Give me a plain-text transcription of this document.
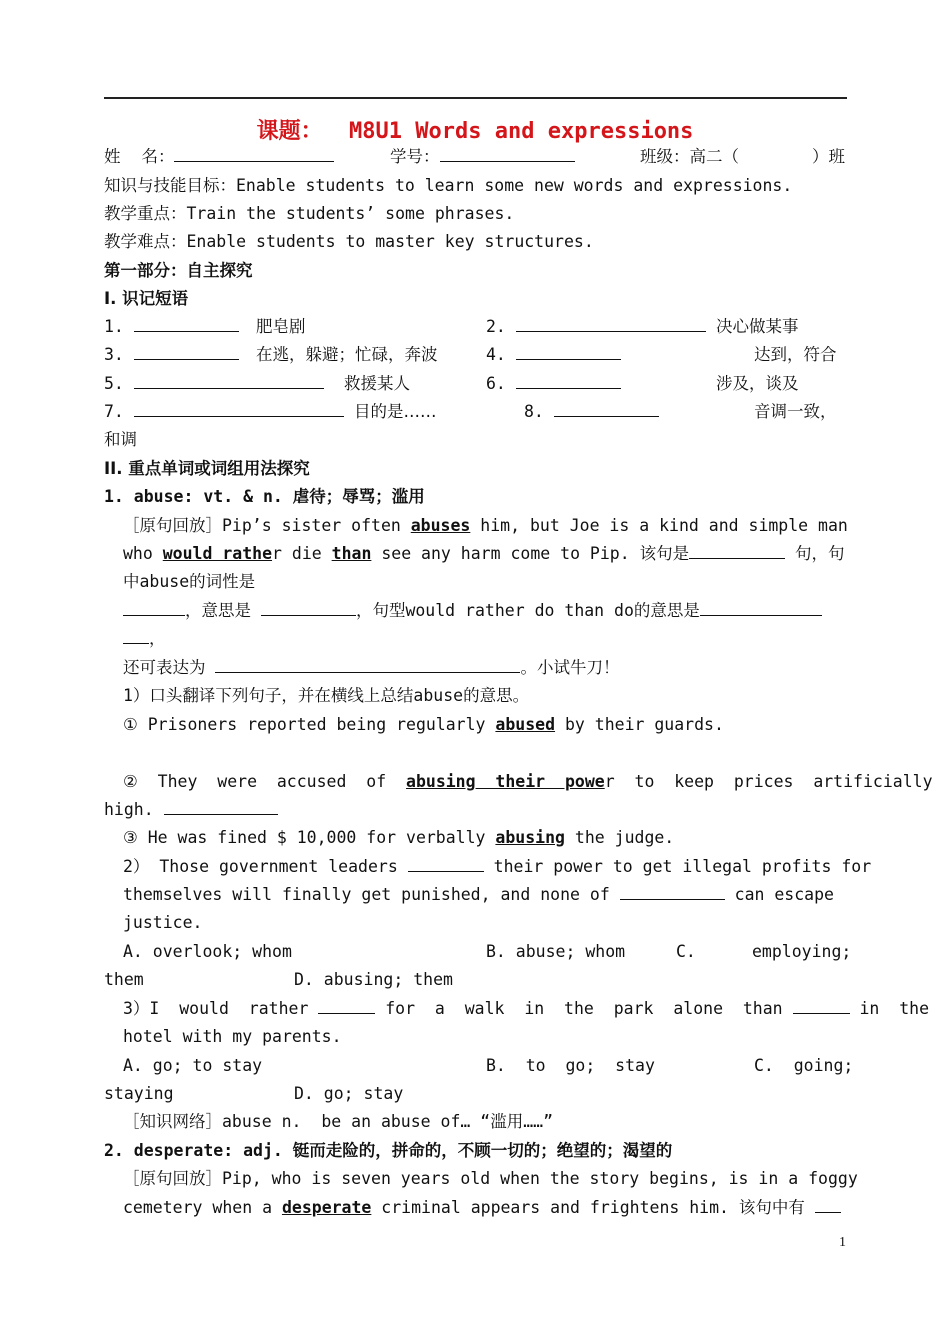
课题：  M8U1 Words and expressions
姓    名：	学号：	班级：高二（	）班
知识与技能目标：Enable students to learn some new words and expressions.
教学重点：Train the students’ some phrases.
教学难点：Enable students to master key structures.
第一部分：自主探究
I. 识记短语
1.	肥皂剧	2.	决心做某事
3.	在逃，躲避；忙碌，奔波	4.	达到，符合
5.	救援某人	6.	涉及，谈及
7.	目的是……	8.	音调一致，
和调
II. 重点单词或词组用法探究
1. abuse: vt. & n. 虐待；辱骂；滥用
［原句回放］Pip’s sister often abuses him, but Joe is a kind and simple man
who would rather die than see any harm come to Pip. 该句是	句，句
中abuse的词性是
，意思是	，句型would rather do than do的意思是
，
还可表达为	。小试牛刀！
1）口头翻译下列句子，并在横线上总结abuse的意思。
① Prisoners reported being regularly abused by their guards.
②  They  were  accused  of  abusing  their  power  to  keep  prices  artificially
high.
③ He was fined $ 10,000 for verbally abusing the judge.
2） Those government leaders	their power to get illegal profits for
themselves will finally get punished, and none of	can escape
justice.
A. overlook; whom	B. abuse; whom	C.	employing;
them	D. abusing; them
3）I  would  rather	for  a  walk  in  the  park  alone  than	in  the
hotel with my parents.
A. go; to stay	B.  to  go;  stay	C.  going;
staying	D. go; stay
［知识网络］abuse n.  be an abuse of… “滥用……”
2. desperate: adj. 铤而走险的，拼命的，不顾一切的；绝望的；渴望的
［原句回放］Pip, who is seven years old when the story begins, is in a foggy
cemetery when a desperate criminal appears and frightens him. 该句中有
1
